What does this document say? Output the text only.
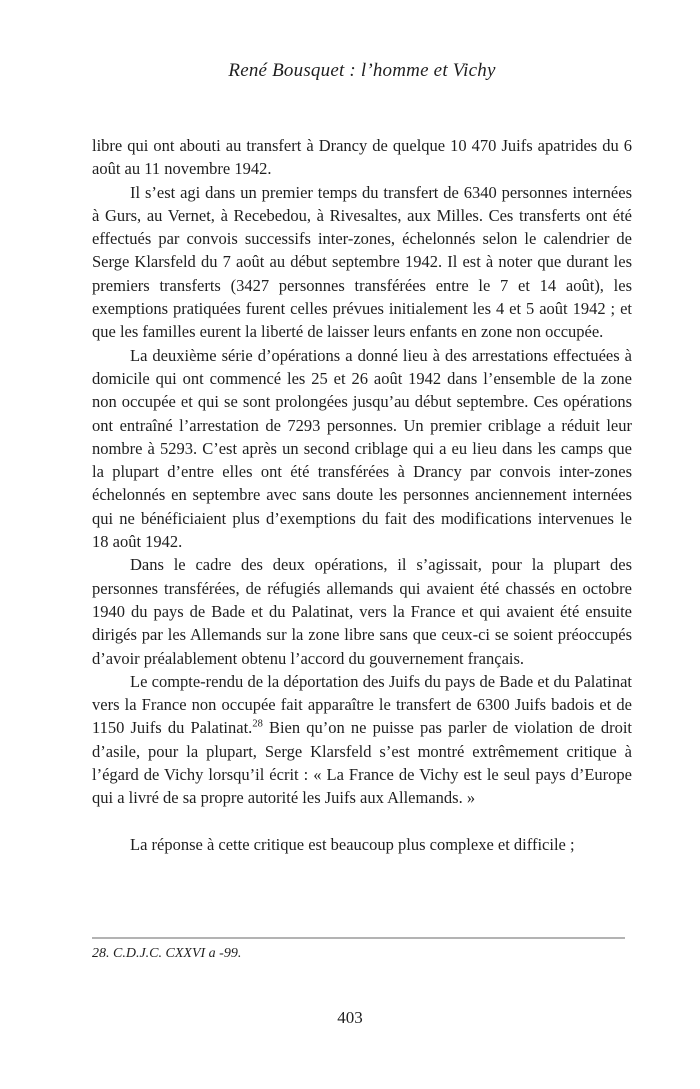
René Bousquet : l’homme et Vichy

libre qui ont abouti au transfert à Drancy de quelque 10 470 Juifs apatrides du 6 août au 11 novembre 1942.

Il s’est agi dans un premier temps du transfert de 6340 personnes internées à Gurs, au Vernet, à Recebedou, à Rivesaltes, aux Milles. Ces transferts ont été effectués par convois successifs inter-zones, échelonnés selon le calendrier de Serge Klarsfeld du 7 août au début septembre 1942. Il est à noter que durant les premiers transferts (3427 personnes transférées entre le 7 et 14 août), les exemptions pratiquées furent celles prévues initialement les 4 et 5 août 1942 ; et que les familles eurent la liberté de laisser leurs enfants en zone non occupée.

La deuxième série d’opérations a donné lieu à des arrestations effectuées à domicile qui ont commencé les 25 et 26 août 1942 dans l’ensemble de la zone non occupée et qui se sont prolongées jusqu’au début septembre. Ces opérations ont entraîné l’arrestation de 7293 personnes. Un premier criblage a réduit leur nombre à 5293. C’est après un second criblage qui a eu lieu dans les camps que la plupart d’entre elles ont été transférées à Drancy par convois inter-zones échelonnés en septembre avec sans doute les personnes anciennement internées qui ne bénéficiaient plus d’exemptions du fait des modifications intervenues le 18 août 1942.

Dans le cadre des deux opérations, il s’agissait, pour la plupart des personnes transférées, de réfugiés allemands qui avaient été chassés en octobre 1940 du pays de Bade et du Palatinat, vers la France et qui avaient été ensuite dirigés par les Allemands sur la zone libre sans que ceux-ci se soient préoccupés d’avoir préalablement obtenu l’accord du gouvernement français.

Le compte-rendu de la déportation des Juifs du pays de Bade et du Palatinat vers la France non occupée fait apparaître le transfert de 6300 Juifs badois et de 1150 Juifs du Palatinat.$^{28}$ Bien qu’on ne puisse pas parler de violation de droit d’asile, pour la plupart, Serge Klarsfeld s’est montré extrêmement critique à l’égard de Vichy lorsqu’il écrit : « La France de Vichy est le seul pays d’Europe qui a livré de sa propre autorité les Juifs aux Allemands. »

La réponse à cette critique est beaucoup plus complexe et difficile ;

28. C.D.J.C. CXXVI a -99.
403
